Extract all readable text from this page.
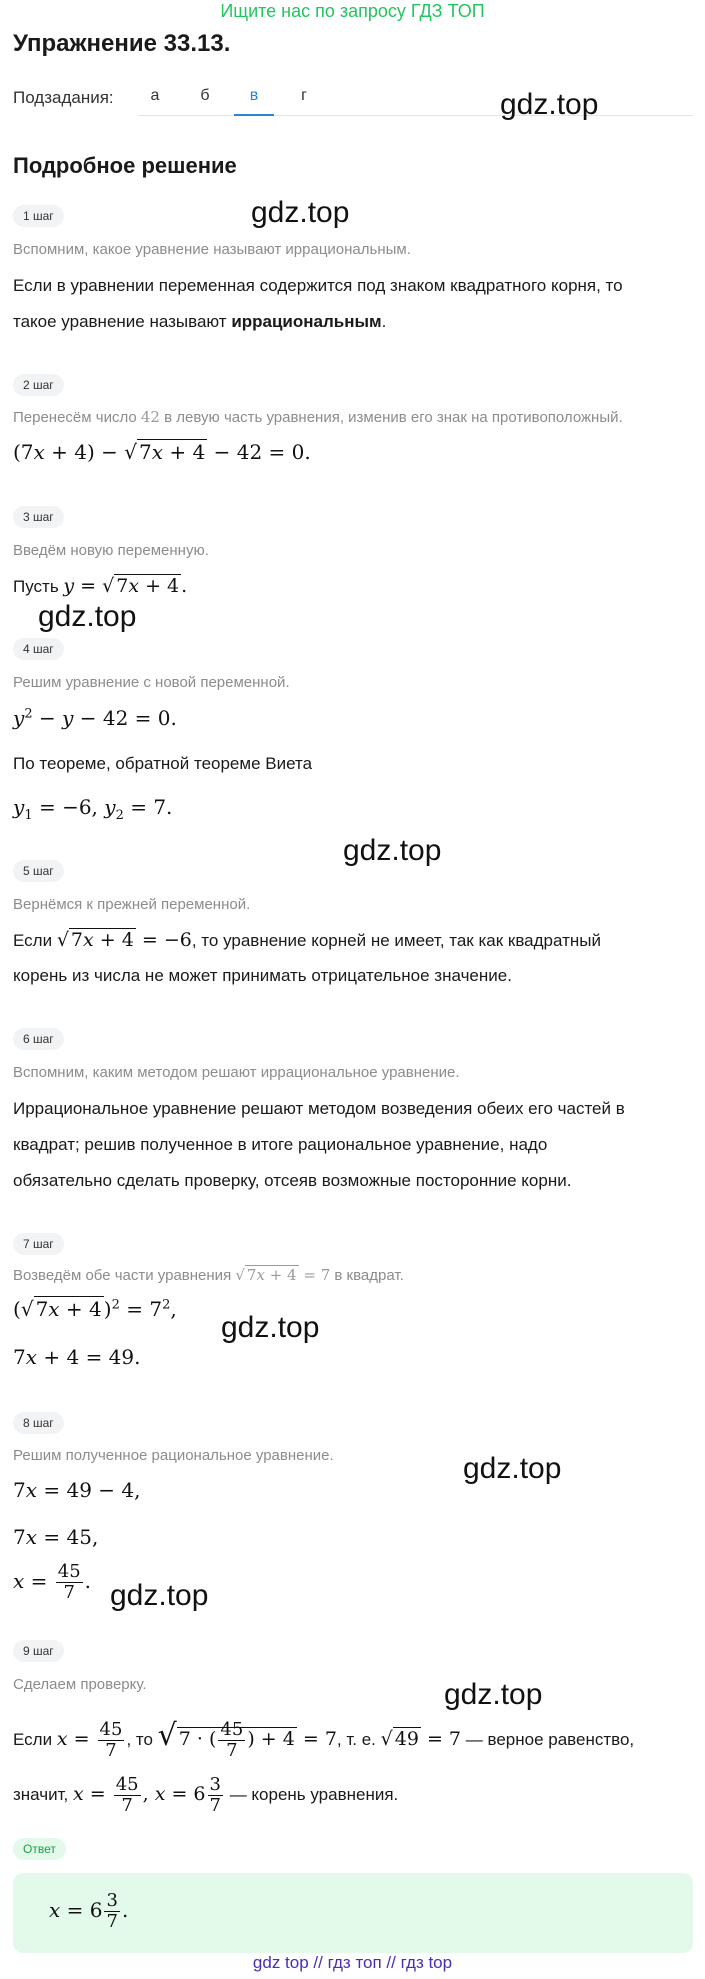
Ищите нас по запросу ГДЗ ТОП
Упражнение 33.13.
Подзадания:	а	б	в	г	gdz.top
gdz.top
gdz.top
gdz.top
gdz.top
gdz.top
gdz.top
gdz.top
Подробное решение
1 шаг
Вспомним, какое уравнение называют иррациональным.
Если в уравнении переменная содержится под знаком квадратного корня, то
такое уравнение называют иррациональным.
2 шаг
Перенесём число 42 в левую часть уравнения, изменив его знак на противоположный.
(7x + 4) − √ 7x + 4 − 42 = 0.
3 шаг
Введём новую переменную.
Пусть y = √ 7x + 4 .
4 шаг
Решим уравнение с новой переменной.
$y^2 - y - 42 = 0$.
По теореме, обратной теореме Виета
$y_1 = -6$, $y_2 = 7$.
5 шаг
Вернёмся к прежней переменной.
Если √ 7x + 4 = −6, то уравнение корней не имеет, так как квадратный
корень из числа не может принимать отрицательное значение.
6 шаг
Вспомним, каким методом решают иррациональное уравнение.
Иррациональное уравнение решают методом возведения обеих его частей в
квадрат; решив полученное в итоге рациональное уравнение, надо
обязательно сделать проверку, отсеяв возможные посторонние корни.
7 шаг
Возведём обе части уравнения √ 7x + 4 = 7 в квадрат.
(√ 7x + 4 )$^2 = 7^2$,
7x + 4 = 49.
8 шаг
Решим полученное рациональное уравнение.
7x = 49 − 4,
7x = 45,
$x = \frac{45}{7}$ .
9 шаг
Сделаем проверку.
Если $x = \frac{45}{7}$ , то √ 7 · ( $\frac{45}{7}$ ) + 4 = 7, т. е. √ 49 = 7 — верное равенство,
значит, $x = \frac{45}{7}$ , $x = 6 \frac{3}{7}$ — корень уравнения.
Ответ
$x = 6 \frac{3}{7}$ .
gdz top // гдз топ // гдз top
